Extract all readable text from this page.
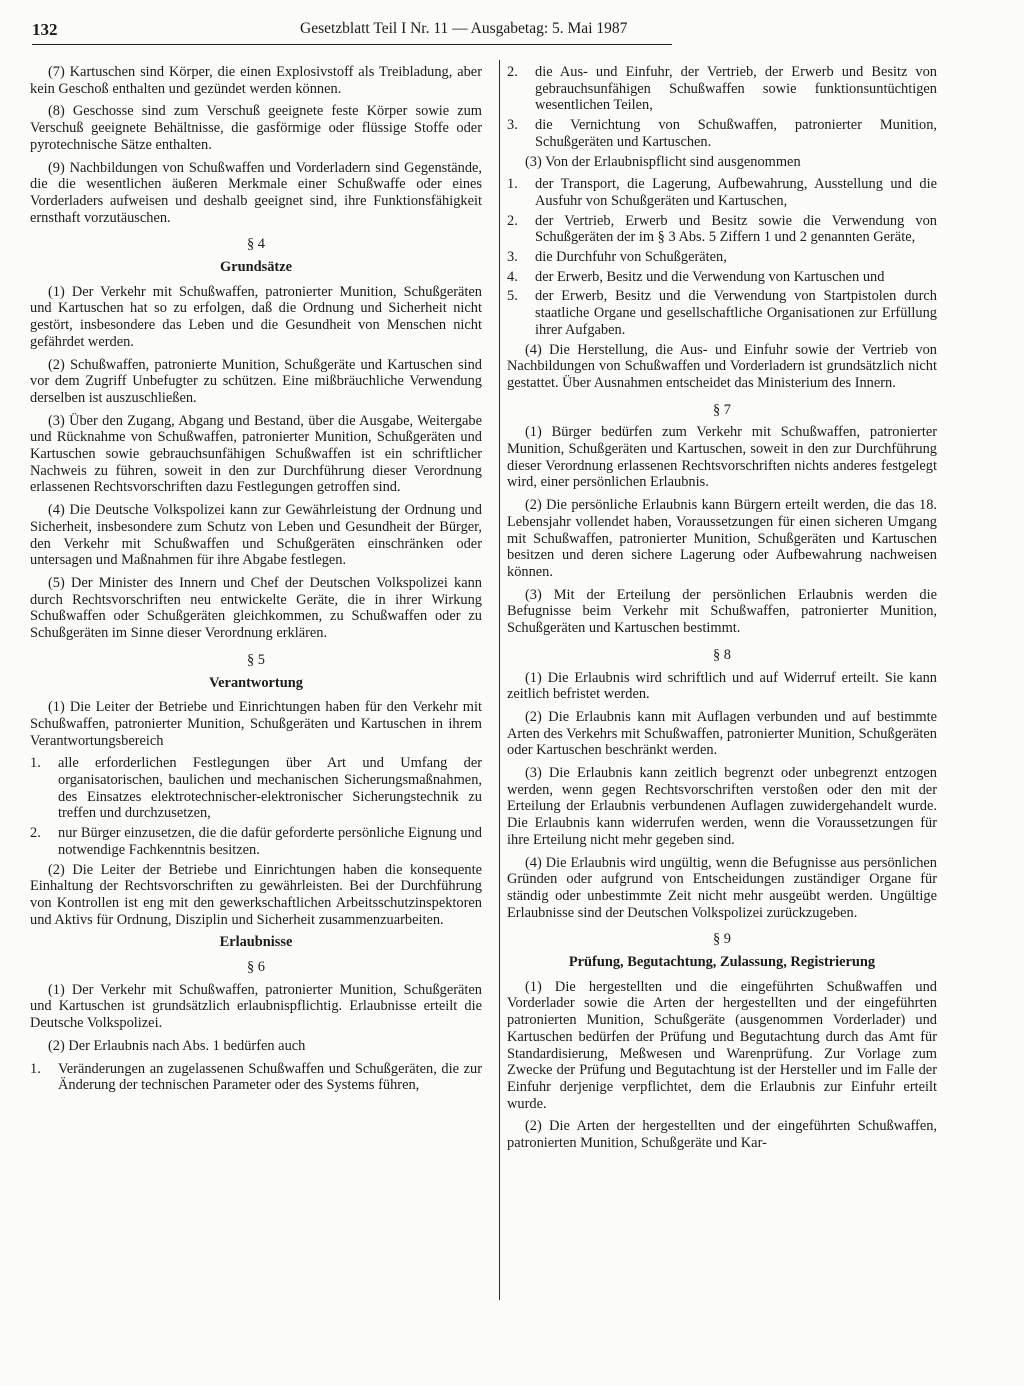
132	Gesetzblatt Teil I Nr. 11 — Ausgabetag: 5. Mai 1987

(7) Kartuschen sind Körper, die einen Explosivstoff als Treibladung, aber kein Geschoß enthalten und gezündet werden können.

(8) Geschosse sind zum Verschuß geeignete feste Körper sowie zum Verschuß geeignete Behältnisse, die gasförmige oder flüssige Stoffe oder pyrotechnische Sätze enthalten.

(9) Nachbildungen von Schußwaffen und Vorderladern sind Gegenstände, die die wesentlichen äußeren Merkmale einer Schußwaffe oder eines Vorderladers aufweisen und deshalb geeignet sind, ihre Funktionsfähigkeit ernsthaft vorzutäuschen.

§ 4
Grundsätze

(1) Der Verkehr mit Schußwaffen, patronierter Munition, Schußgeräten und Kartuschen hat so zu erfolgen, daß die Ordnung und Sicherheit nicht gestört, insbesondere das Leben und die Gesundheit von Menschen nicht gefährdet werden.

(2) Schußwaffen, patronierte Munition, Schußgeräte und Kartuschen sind vor dem Zugriff Unbefugter zu schützen. Eine mißbräuchliche Verwendung derselben ist auszuschließen.

(3) Über den Zugang, Abgang und Bestand, über die Ausgabe, Weitergabe und Rücknahme von Schußwaffen, patronierter Munition, Schußgeräten und Kartuschen sowie gebrauchsunfähigen Schußwaffen ist ein schriftlicher Nachweis zu führen, soweit in den zur Durchführung dieser Verordnung erlassenen Rechtsvorschriften dazu Festlegungen getroffen sind.

(4) Die Deutsche Volkspolizei kann zur Gewährleistung der Ordnung und Sicherheit, insbesondere zum Schutz von Leben und Gesundheit der Bürger, den Verkehr mit Schußwaffen und Schußgeräten einschränken oder untersagen und Maßnahmen für ihre Abgabe festlegen.

(5) Der Minister des Innern und Chef der Deutschen Volkspolizei kann durch Rechtsvorschriften neu entwickelte Geräte, die in ihrer Wirkung Schußwaffen oder Schußgeräten gleichkommen, zu Schußwaffen oder zu Schußgeräten im Sinne dieser Verordnung erklären.

§ 5
Verantwortung

(1) Die Leiter der Betriebe und Einrichtungen haben für den Verkehr mit Schußwaffen, patronierter Munition, Schußgeräten und Kartuschen in ihrem Verantwortungsbereich

1.	alle erforderlichen Festlegungen über Art und Umfang der organisatorischen, baulichen und mechanischen Sicherungsmaßnahmen, des Einsatzes elektrotechnischer-elektronischer Sicherungstechnik zu treffen und durchzusetzen,
2.	nur Bürger einzusetzen, die die dafür geforderte persönliche Eignung und notwendige Fachkenntnis besitzen.

(2) Die Leiter der Betriebe und Einrichtungen haben die konsequente Einhaltung der Rechtsvorschriften zu gewährleisten. Bei der Durchführung von Kontrollen ist eng mit den gewerkschaftlichen Arbeitsschutzinspektoren und Aktivs für Ordnung, Disziplin und Sicherheit zusammenzuarbeiten.

Erlaubnisse
§ 6

(1) Der Verkehr mit Schußwaffen, patronierter Munition, Schußgeräten und Kartuschen ist grundsätzlich erlaubnispflichtig. Erlaubnisse erteilt die Deutsche Volkspolizei.

(2) Der Erlaubnis nach Abs. 1 bedürfen auch

1.	Veränderungen an zugelassenen Schußwaffen und Schußgeräten, die zur Änderung der technischen Parameter oder des Systems führen,
2.	die Aus- und Einfuhr, der Vertrieb, der Erwerb und Besitz von gebrauchsunfähigen Schußwaffen sowie funktionsuntüchtigen wesentlichen Teilen,
3.	die Vernichtung von Schußwaffen, patronierter Munition, Schußgeräten und Kartuschen.

(3) Von der Erlaubnispflicht sind ausgenommen

1.	der Transport, die Lagerung, Aufbewahrung, Ausstellung und die Ausfuhr von Schußgeräten und Kartuschen,
2.	der Vertrieb, Erwerb und Besitz sowie die Verwendung von Schußgeräten der im § 3 Abs. 5 Ziffern 1 und 2 genannten Geräte,
3.	die Durchfuhr von Schußgeräten,
4.	der Erwerb, Besitz und die Verwendung von Kartuschen und
5.	der Erwerb, Besitz und die Verwendung von Startpistolen durch staatliche Organe und gesellschaftliche Organisationen zur Erfüllung ihrer Aufgaben.

(4) Die Herstellung, die Aus- und Einfuhr sowie der Vertrieb von Nachbildungen von Schußwaffen und Vorderladern ist grundsätzlich nicht gestattet. Über Ausnahmen entscheidet das Ministerium des Innern.

§ 7

(1) Bürger bedürfen zum Verkehr mit Schußwaffen, patronierter Munition, Schußgeräten und Kartuschen, soweit in den zur Durchführung dieser Verordnung erlassenen Rechtsvorschriften nichts anderes festgelegt wird, einer persönlichen Erlaubnis.

(2) Die persönliche Erlaubnis kann Bürgern erteilt werden, die das 18. Lebensjahr vollendet haben, Voraussetzungen für einen sicheren Umgang mit Schußwaffen, patronierter Munition, Schußgeräten und Kartuschen besitzen und deren sichere Lagerung oder Aufbewahrung nachweisen können.

(3) Mit der Erteilung der persönlichen Erlaubnis werden die Befugnisse beim Verkehr mit Schußwaffen, patronierter Munition, Schußgeräten und Kartuschen bestimmt.

§ 8

(1) Die Erlaubnis wird schriftlich und auf Widerruf erteilt. Sie kann zeitlich befristet werden.

(2) Die Erlaubnis kann mit Auflagen verbunden und auf bestimmte Arten des Verkehrs mit Schußwaffen, patronierter Munition, Schußgeräten oder Kartuschen beschränkt werden.

(3) Die Erlaubnis kann zeitlich begrenzt oder unbegrenzt entzogen werden, wenn gegen Rechtsvorschriften verstoßen oder den mit der Erteilung der Erlaubnis verbundenen Auflagen zuwidergehandelt wurde. Die Erlaubnis kann widerrufen werden, wenn die Voraussetzungen für ihre Erteilung nicht mehr gegeben sind.

(4) Die Erlaubnis wird ungültig, wenn die Befugnisse aus persönlichen Gründen oder aufgrund von Entscheidungen zuständiger Organe für ständig oder unbestimmte Zeit nicht mehr ausgeübt werden. Ungültige Erlaubnisse sind der Deutschen Volkspolizei zurückzugeben.

§ 9
Prüfung, Begutachtung, Zulassung, Registrierung

(1) Die hergestellten und die eingeführten Schußwaffen und Vorderlader sowie die Arten der hergestellten und der eingeführten patronierten Munition, Schußgeräte (ausgenommen Vorderlader) und Kartuschen bedürfen der Prüfung und Begutachtung durch das Amt für Standardisierung, Meßwesen und Warenprüfung. Zur Vorlage zum Zwecke der Prüfung und Begutachtung ist der Hersteller und im Falle der Einfuhr derjenige verpflichtet, dem die Erlaubnis zur Einfuhr erteilt wurde.

(2) Die Arten der hergestellten und der eingeführten Schußwaffen, patronierten Munition, Schußgeräte und Kar-
